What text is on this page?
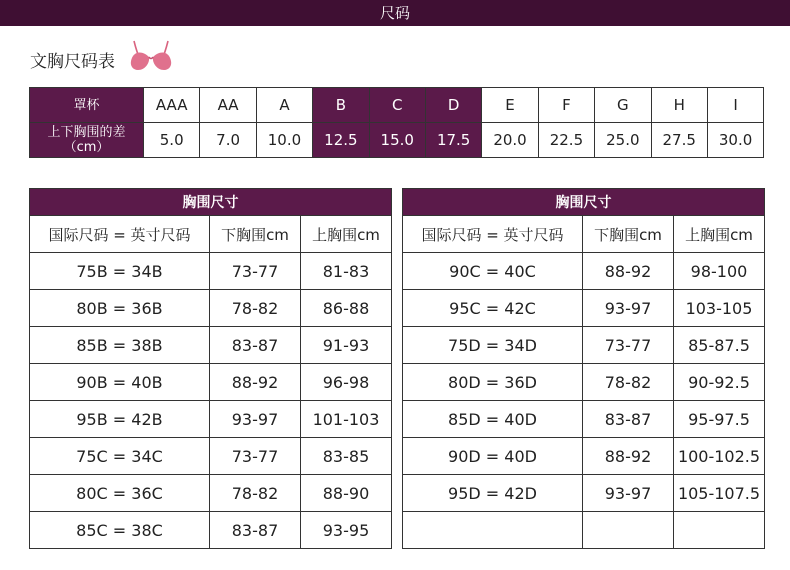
尺码
文胸尺码表
罩杯	AAA	AA	A	B	C	D	E	F	G	H	I

上下胸围的差
（cm）	5.0	7.0	10.0	12.5	15.0	17.5	20.0	22.5	25.0	27.5	30.0
胸围尺寸		
国际尺码 = 英寸尺码	下胸围cm	上胸围cm
75B = 34B	73-77	81-83
80B = 36B	78-82	86-88
85B = 38B	83-87	91-93
90B = 40B	88-92	96-98
95B = 42B	93-97	101-103
75C = 34C	73-77	83-85
80C = 36C	78-82	88-90
85C = 38C	83-87	93-95
胸围尺寸		
国际尺码 = 英寸尺码	下胸围cm	上胸围cm
90C = 40C	88-92	98-100
95C = 42C	93-97	103-105
75D = 34D	73-77	85-87.5
80D = 36D	78-82	90-92.5
85D = 40D	83-87	95-97.5
90D = 40D	88-92	100-102.5
95D = 42D	93-97	105-107.5
